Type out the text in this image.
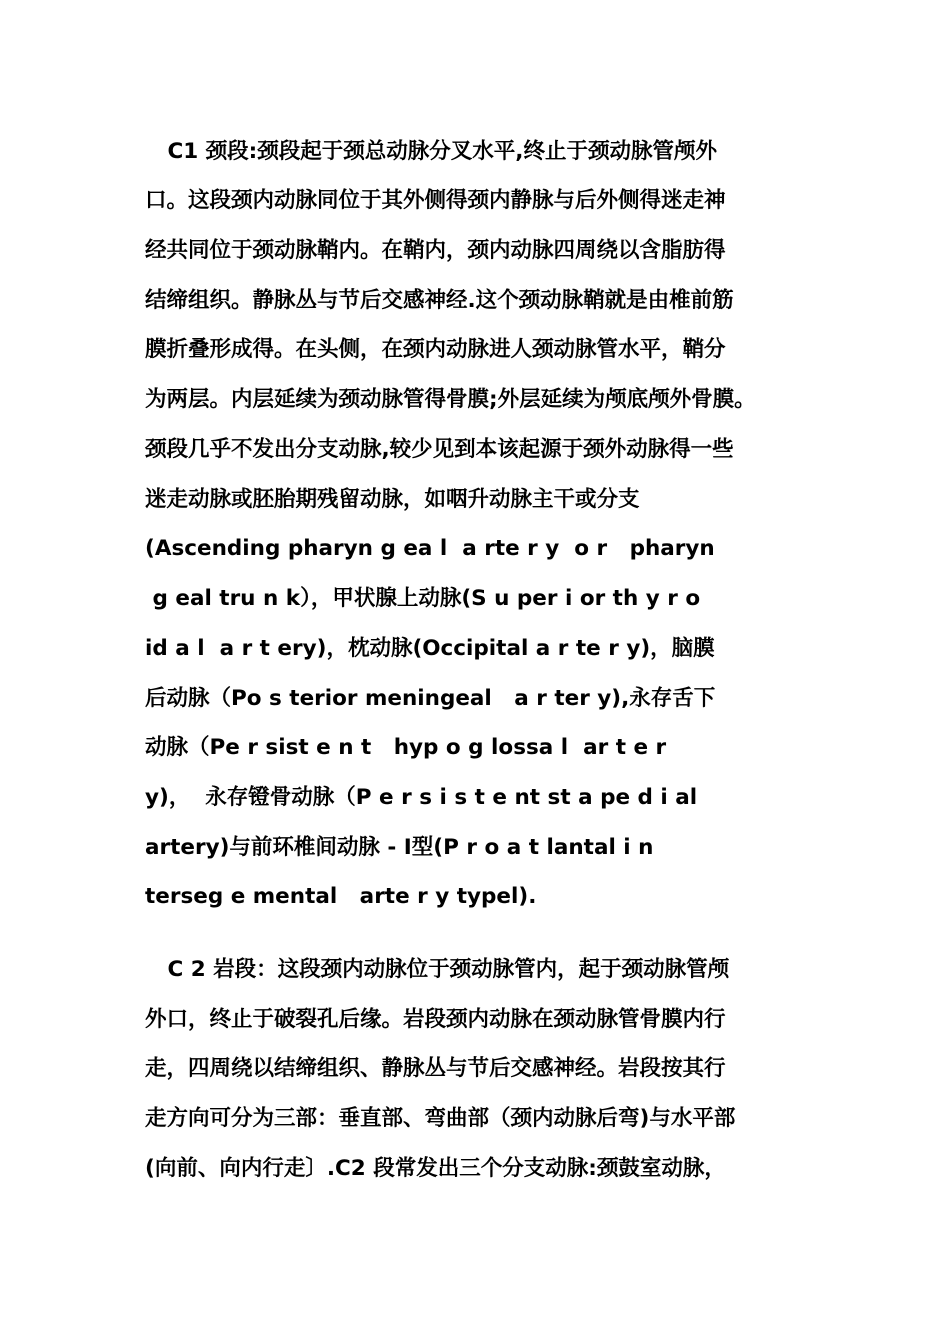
C1 颈段:颈段起于颈总动脉分叉水平,终止于颈动脉管颅外
口。这段颈内动脉同位于其外侧得颈内静脉与后外侧得迷走神
经共同位于颈动脉鞘内。在鞘内，颈内动脉四周绕以含脂肪得
结缔组织。静脉丛与节后交感神经.这个颈动脉鞘就是由椎前筋
膜折叠形成得。在头侧，在颈内动脉进人颈动脉管水平，鞘分
为两层。内层延续为颈动脉管得骨膜;外层延续为颅底颅外骨膜。
颈段几乎不发出分支动脉,较少见到本该起源于颈外动脉得一些
迷走动脉或胚胎期残留动脉，如咽升动脉主干或分支
(Ascending pharyn g ea l  a rte r y  o r   pharyn
g eal tru n k），甲状腺上动脉(S u per i or th y r o
id a l  a r t ery)，枕动脉(Occipital a r te r y)，脑膜
后动脉（Po s terior meningeal   a r ter y),永存舌下
动脉（Pe r sist e n t   hyp o g lossa l  ar t e r
y)，  永存镫骨动脉（P e r s i s t e nt st a pe d i al
artery)与前环椎间动脉 - Ⅰ型(P r o a t lantal i n
terseg e mental   arte r y typel).
C 2 岩段：这段颈内动脉位于颈动脉管内，起于颈动脉管颅
外口，终止于破裂孔后缘。岩段颈内动脉在颈动脉管骨膜内行
走，四周绕以结缔组织、静脉丛与节后交感神经。岩段按其行
走方向可分为三部：垂直部、弯曲部（颈内动脉后弯)与水平部
(向前、向内行走〕.C2 段常发出三个分支动脉:颈鼓室动脉，
